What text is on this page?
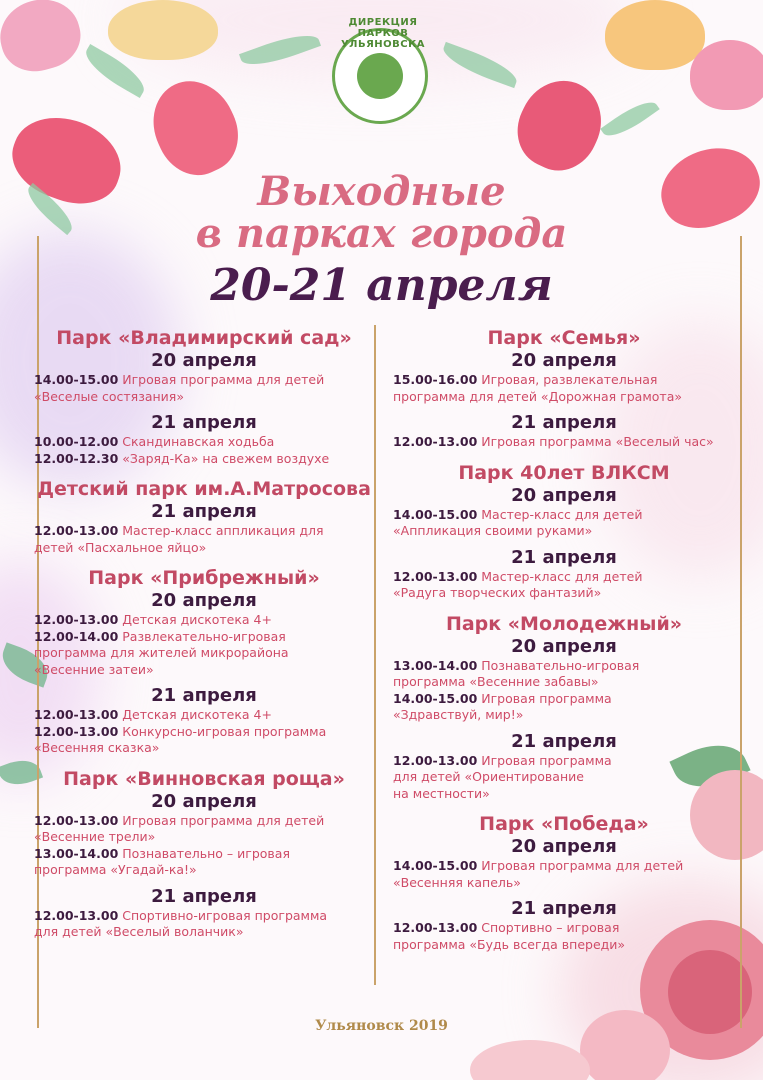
ДИРЕКЦИЯ ПАРКОВ УЛЬЯНОВСКА
Выходные
в парках города
20-21 апреля

Парк «Владимирский сад»

20 апреля

14.00-15.00 Игровая программа для детей

«Веселые состязания»

21 апреля

10.00-12.00 Скандинавская ходьба

12.00-12.30 «Заряд-Ка» на свежем воздухе

Детский парк им.А.Матросова

21 апреля

12.00-13.00 Мастер-класс аппликация для

детей «Пасхальное яйцо»

Парк «Прибрежный»

20 апреля

12.00-13.00 Детская дискотека 4+

12.00-14.00 Развлекательно-игровая

программа для жителей микрорайона

«Весенние затеи»

21 апреля

12.00-13.00 Детская дискотека 4+

12.00-13.00 Конкурсно-игровая программа

«Весенняя сказка»

Парк «Винновская роща»

20 апреля

12.00-13.00 Игровая программа для детей

«Весенние трели»

13.00-14.00 Познавательно – игровая

программа «Угадай-ка!»

21 апреля

12.00-13.00 Спортивно-игровая программа

для детей «Веселый воланчик»

Парк «Семья»

20 апреля

15.00-16.00 Игровая, развлекательная

программа для детей «Дорожная грамота»

21 апреля

12.00-13.00 Игровая программа «Веселый час»

Парк 40лет ВЛКСМ

20 апреля

14.00-15.00 Мастер-класс для детей

«Аппликация своими руками»

21 апреля

12.00-13.00 Мастер-класс для детей

«Радуга творческих фантазий»

Парк «Молодежный»

20 апреля

13.00-14.00 Познавательно-игровая

программа «Весенние забавы»

14.00-15.00 Игровая программа

«Здравствуй, мир!»

21 апреля

12.00-13.00 Игровая программа

для детей «Ориентирование

на местности»

Парк «Победа»

20 апреля

14.00-15.00 Игровая программа для детей

«Весенняя капель»

21 апреля

12.00-13.00 Спортивно – игровая

программа «Будь всегда впереди»

Ульяновск 2019
